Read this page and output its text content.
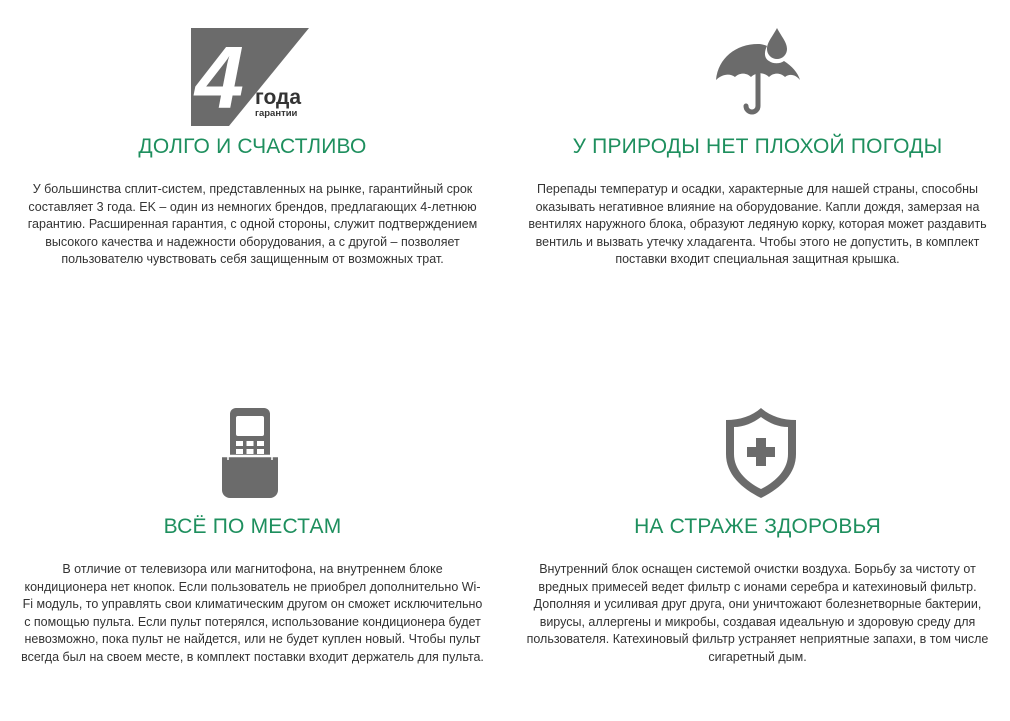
4 года
гарантии
ДОЛГО И СЧАСТЛИВО

У большинства сплит-систем, представленных на рынке, гарантийный срок составляет 3 года. EK – один из немногих брендов, предлагающих 4-летнюю гарантию. Расширенная гарантия, с одной стороны, служит подтверждением высокого качества и надежности оборудования, а с другой – позволяет пользователю чувствовать себя защищенным от возможных трат.

У ПРИРОДЫ НЕТ ПЛОХОЙ ПОГОДЫ

Перепады температур и осадки, характерные для нашей страны, способны оказывать негативное влияние на оборудование. Капли дождя, замерзая на вентилях наружного блока, образуют ледяную корку, которая может раздавить вентиль и вызвать утечку хладагента. Чтобы этого не допустить, в комплект поставки входит специальная защитная крышка.

ВСЁ ПО МЕСТАМ

В отличие от телевизора или магнитофона, на внутреннем блоке кондиционера нет кнопок. Если пользователь не приобрел дополнительно Wi-Fi модуль, то управлять свои климатическим другом он сможет исключительно с помощью пульта. Если пульт потерялся, использование кондиционера будет невозможно, пока пульт не найдется, или не будет куплен новый. Чтобы пульт всегда был на своем месте, в комплект поставки входит держатель для пульта.

НА СТРАЖЕ ЗДОРОВЬЯ

Внутренний блок оснащен системой очистки воздуха. Борьбу за чистоту от вредных примесей ведет фильтр с ионами серебра и катехиновый фильтр. Дополняя и усиливая друг друга, они уничтожают болезнетворные бактерии, вирусы, аллергены и микробы, создавая идеальную и здоровую среду для пользователя. Катехиновый фильтр устраняет неприятные запахи, в том числе сигаретный дым.
